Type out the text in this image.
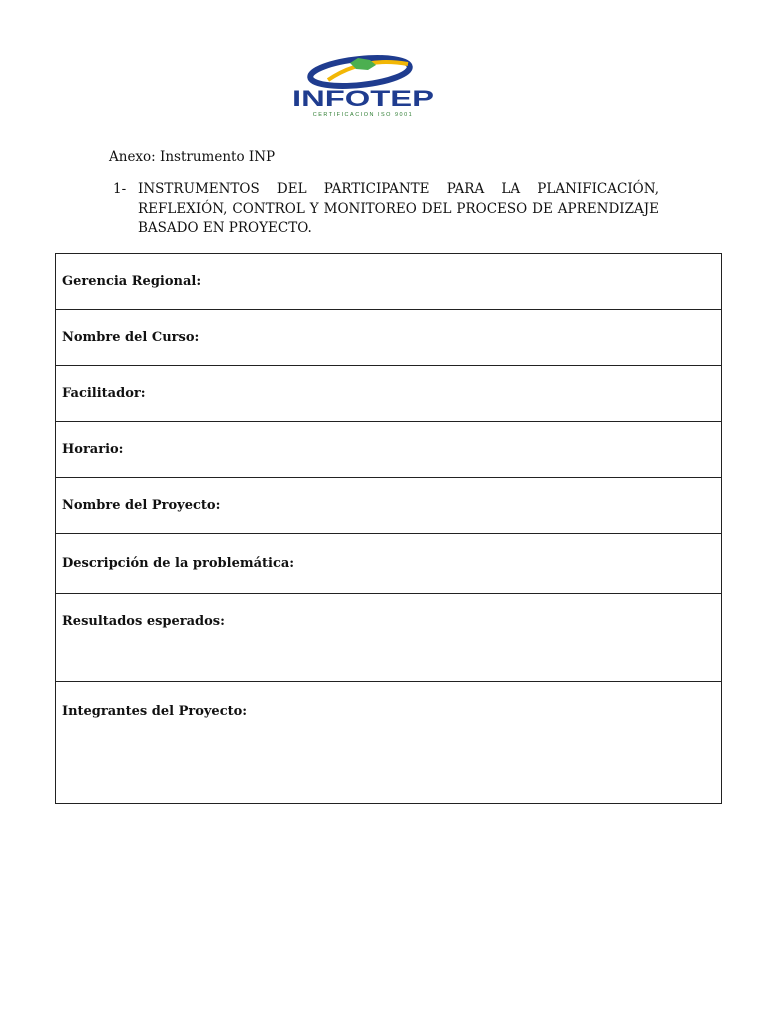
INFOTEP
CERTIFICACION ISO 9001

Anexo: Instrumento INP

1- INSTRUMENTOS DEL PARTICIPANTE PARA LA PLANIFICACIÓN, REFLEXIÓN, CONTROL Y MONITOREO DEL PROCESO DE APRENDIZAJE BASADO EN PROYECTO.
Gerencia Regional:
Nombre del Curso:
Facilitador:
Horario:
Nombre del Proyecto:
Descripción de la problemática:
Resultados esperados:
Integrantes del Proyecto:
